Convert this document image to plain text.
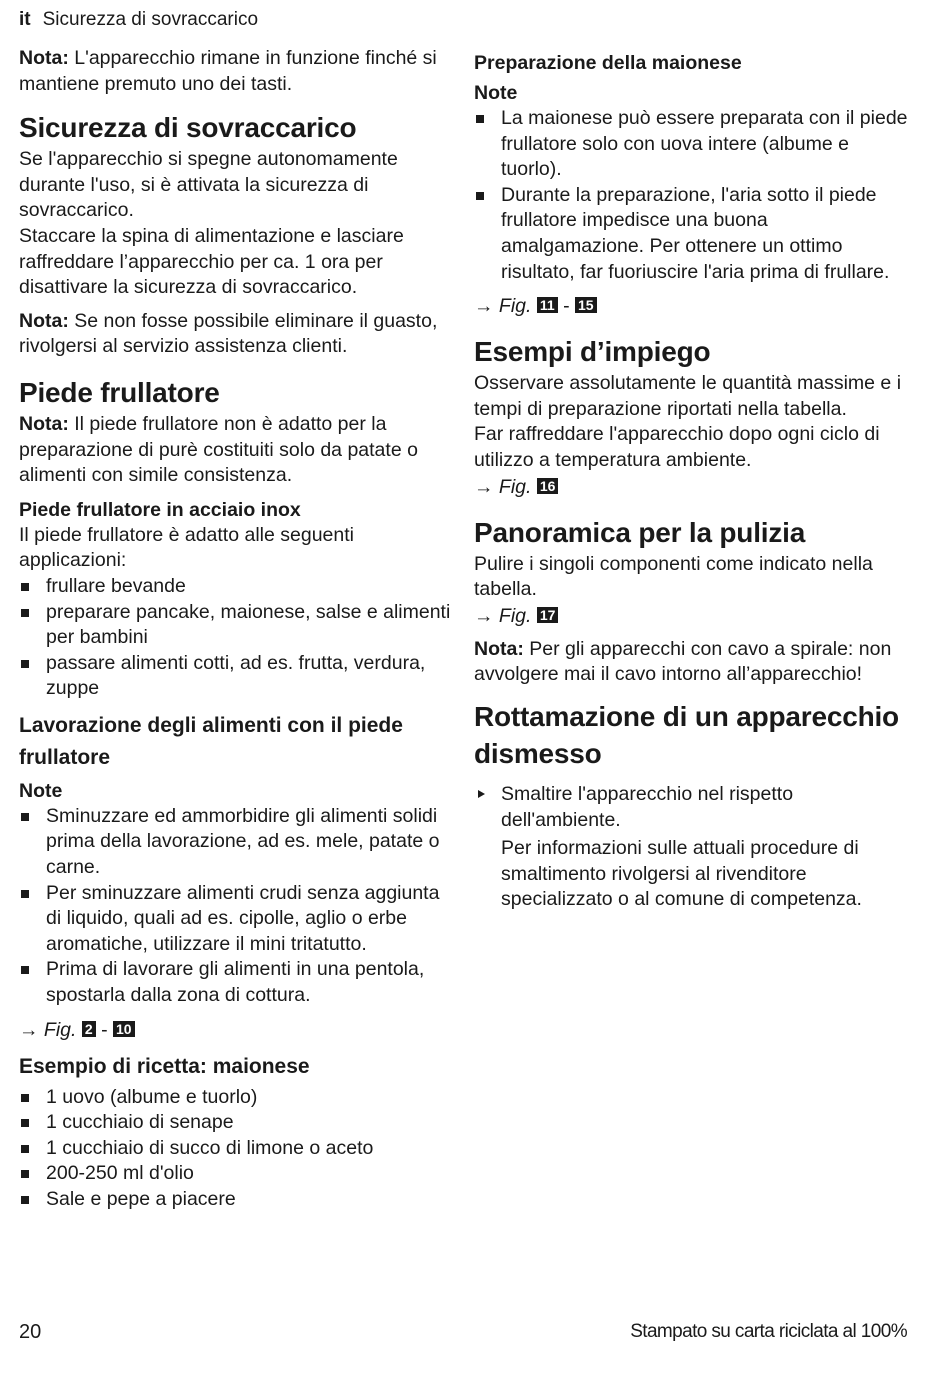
it Sicurezza di sovraccarico

Nota: L'apparecchio rimane in funzione finché si mantiene premuto uno dei tasti.

Sicurezza di sovraccarico

Se l'apparecchio si spegne autonomamente durante l'uso, si è attivata la sicurezza di sovraccarico.

Staccare la spina di alimentazione e lasciare raffreddare l’apparecchio per ca. 1 ora per disattivare la sicurezza di sovraccarico.

Nota: Se non fosse possibile eliminare il guasto, rivolgersi al servizio assistenza clienti.

Piede frullatore

Nota: Il piede frullatore non è adatto per la preparazione di purè costituiti solo da patate o alimenti con simile consistenza.

Piede frullatore in acciaio inox

Il piede frullatore è adatto alle seguenti applicazioni:

frullare bevande
preparare pancake, maionese, salse e alimenti per bambini
passare alimenti cotti, ad es. frutta, verdura, zuppe
Lavorazione degli alimenti con il piede frullatore
Note
Sminuzzare ed ammorbidire gli alimenti solidi prima della lavorazione, ad es. mele, patate o carne.
Per sminuzzare alimenti crudi senza aggiunta di liquido, quali ad es. cipolle, aglio o erbe aromatiche, utilizzare il mini tritatutto.
Prima di lavorare gli alimenti in una pentola, spostarla dalla zona di cottura.
→ Fig. 2 - 10
Esempio di ricetta: maionese
1 uovo (albume e tuorlo)
1 cucchiaio di senape
1 cucchiaio di succo di limone o aceto
200-250 ml d'olio
Sale e pepe a piacere
Preparazione della maionese
Note
La maionese può essere preparata con il piede frullatore solo con uova intere (albume e tuorlo).
Durante la preparazione, l'aria sotto il piede frullatore impedisce una buona amalgamazione. Per ottenere un ottimo risultato, far fuoriuscire l'aria prima di frullare.
→ Fig. 11 - 15
Esempi d’impiego

Osservare assolutamente le quantità massime e i tempi di preparazione riportati nella tabella.

Far raffreddare l'apparecchio dopo ogni ciclo di utilizzo a temperatura ambiente.

→ Fig. 16
Panoramica per la pulizia

Pulire i singoli componenti come indicato nella tabella.

→ Fig. 17

Nota: Per gli apparecchi con cavo a spirale: non avvolgere mai il cavo intorno all’apparecchio!

Rottamazione di un apparecchio dismesso
Smaltire l'apparecchio nel rispetto dell'ambiente.

Per informazioni sulle attuali procedure di smaltimento rivolgersi al rivenditore specializzato o al comune di competenza.

20	Stampato su carta riciclata al 100%
